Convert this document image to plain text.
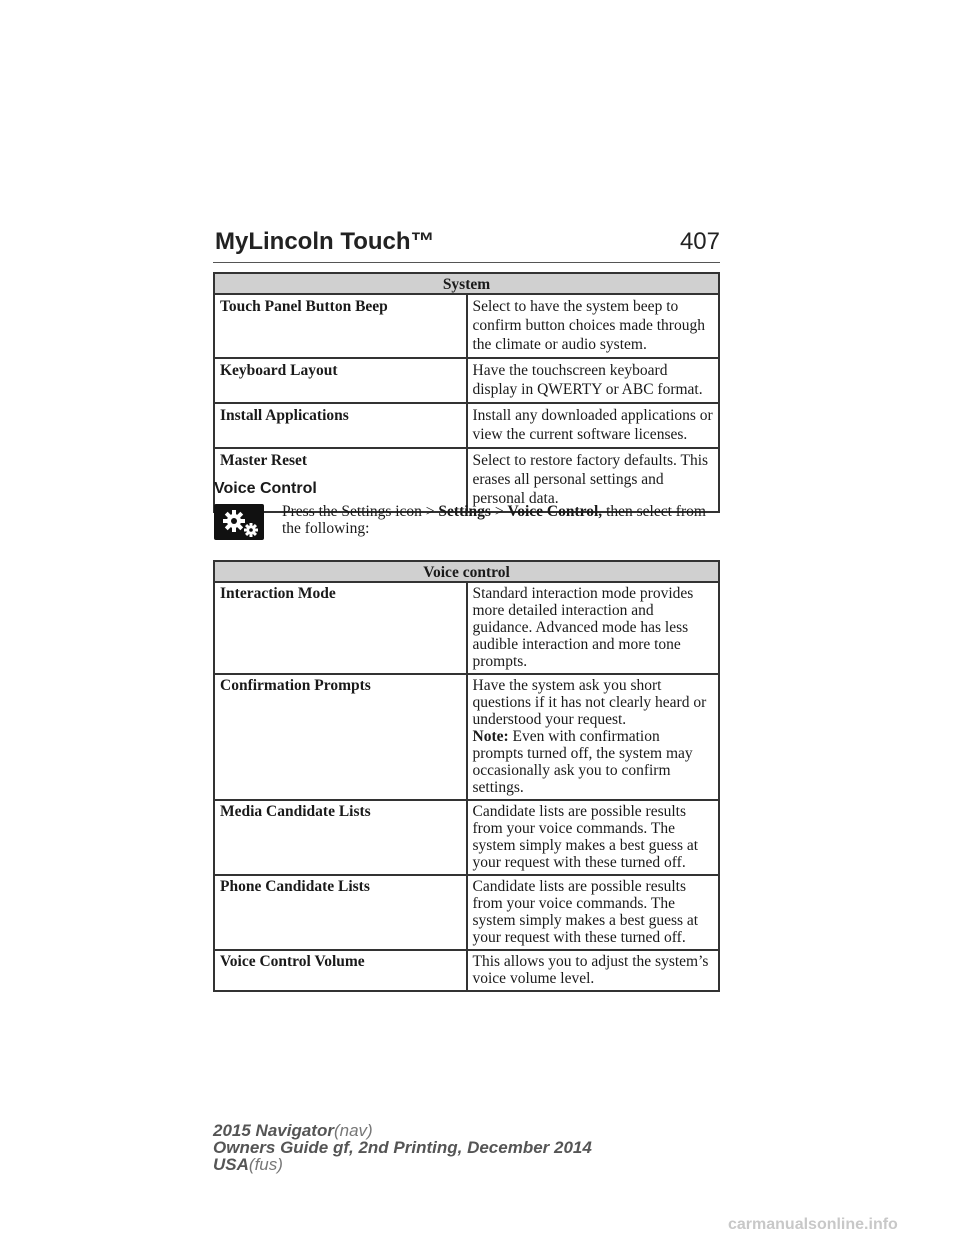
MyLincoln Touch™	407
System	
Touch Panel Button Beep	Select to have the system beep to confirm button choices made through the climate or audio system.
Keyboard Layout	Have the touchscreen keyboard display in QWERTY or ABC format.
Install Applications	Install any downloaded applications or view the current software licenses.
Master Reset	Select to restore factory defaults. This erases all personal settings and personal data.
Voice Control
Press the Settings icon > Settings > Voice Control, then select from the following:
Voice control	
Interaction Mode	Standard interaction mode provides more detailed interaction and guidance. Advanced mode has less audible interaction and more tone prompts.
Confirmation Prompts	Have the system ask you short questions if it has not clearly heard or understood your request.
Note: Even with confirmation prompts turned off, the system may occasionally ask you to confirm settings.
Media Candidate Lists	Candidate lists are possible results from your voice commands. The system simply makes a best guess at your request with these turned off.
Phone Candidate Lists	Candidate lists are possible results from your voice commands. The system simply makes a best guess at your request with these turned off.
Voice Control Volume	This allows you to adjust the system’s voice volume level.
2015 Navigator(nav)
Owners Guide gf, 2nd Printing, December 2014
USA(fus)
carmanualsonline.info
